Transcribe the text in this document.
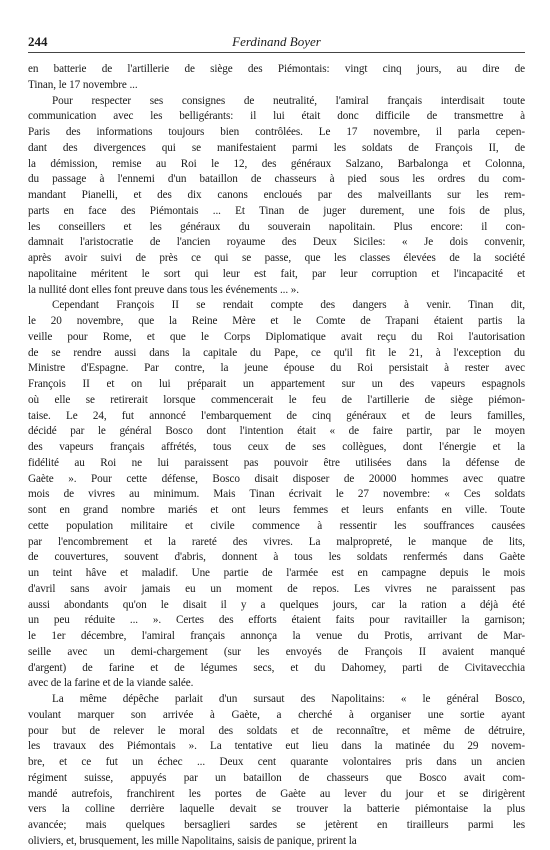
244	Ferdinand Boyer
en batterie de l'artillerie de siège des Piémontais: vingt cinq jours, au dire de
Tinan, le 17 novembre ...
Pour respecter ses consignes de neutralité, l'amiral français interdisait toute
communication avec les belligérants: il lui était donc difficile de transmettre à
Paris des informations toujours bien contrôlées. Le 17 novembre, il parla cepen-
dant des divergences qui se manifestaient parmi les soldats de François II, de
la démission, remise au Roi le 12, des généraux Salzano, Barbalonga et Colonna,
du passage à l'ennemi d'un bataillon de chasseurs à pied sous les ordres du com-
mandant Pianelli, et des dix canons encloués par des malveillants sur les rem-
parts en face des Piémontais ... Et Tinan de juger durement, une fois de plus,
les conseillers et les généraux du souverain napolitain. Plus encore: il con-
damnait l'aristocratie de l'ancien royaume des Deux Siciles: « Je dois convenir,
après avoir suivi de près ce qui se passe, que les classes élevées de la société
napolitaine méritent le sort qui leur est fait, par leur corruption et l'incapacité et
la nullité dont elles font preuve dans tous les événements ... ».
Cependant François II se rendait compte des dangers à venir. Tinan dit,
le 20 novembre, que la Reine Mère et le Comte de Trapani étaient partis la
veille pour Rome, et que le Corps Diplomatique avait reçu du Roi l'autorisation
de se rendre aussi dans la capitale du Pape, ce qu'il fit le 21, à l'exception du
Ministre d'Espagne. Par contre, la jeune épouse du Roi persistait à rester avec
François II et on lui préparait un appartement sur un des vapeurs espagnols
où elle se retirerait lorsque commencerait le feu de l'artillerie de siège piémon-
taise. Le 24, fut annoncé l'embarquement de cinq généraux et de leurs familles,
décidé par le général Bosco dont l'intention était « de faire partir, par le moyen
des vapeurs français affrétés, tous ceux de ses collègues, dont l'énergie et la
fidélité au Roi ne lui paraissent pas pouvoir être utilisées dans la défense de
Gaète ». Pour cette défense, Bosco disait disposer de 20000 hommes avec quatre
mois de vivres au minimum. Mais Tinan écrivait le 27 novembre: « Ces soldats
sont en grand nombre mariés et ont leurs femmes et leurs enfants en ville. Toute
cette population militaire et civile commence à ressentir les souffrances causées
par l'encombrement et la rareté des vivres. La malpropreté, le manque de lits,
de couvertures, souvent d'abris, donnent à tous les soldats renfermés dans Gaète
un teint hâve et maladif. Une partie de l'armée est en campagne depuis le mois
d'avril sans avoir jamais eu un moment de repos. Les vivres ne paraissent pas
aussi abondants qu'on le disait il y a quelques jours, car la ration a déjà été
un peu réduite ... ». Certes des efforts étaient faits pour ravitailler la garnison;
le 1er décembre, l'amiral français annonça la venue du Protis, arrivant de Mar-
seille avec un demi-chargement (sur les envoyés de François II avaient manqué
d'argent) de farine et de légumes secs, et du Dahomey, parti de Civitavecchia
avec de la farine et de la viande salée.
La même dépêche parlait d'un sursaut des Napolitains: « le général Bosco,
voulant marquer son arrivée à Gaète, a cherché à organiser une sortie ayant
pour but de relever le moral des soldats et de reconnaître, et même de détruire,
les travaux des Piémontais ». La tentative eut lieu dans la matinée du 29 novem-
bre, et ce fut un échec ... Deux cent quarante volontaires pris dans un ancien
régiment suisse, appuyés par un bataillon de chasseurs que Bosco avait com-
mandé autrefois, franchirent les portes de Gaète au lever du jour et se dirigèrent
vers la colline derrière laquelle devait se trouver la batterie piémontaise la plus
avancée; mais quelques bersaglieri sardes se jetèrent en tirailleurs parmi les
oliviers, et, brusquement, les mille Napolitains, saisis de panique, prirent la
